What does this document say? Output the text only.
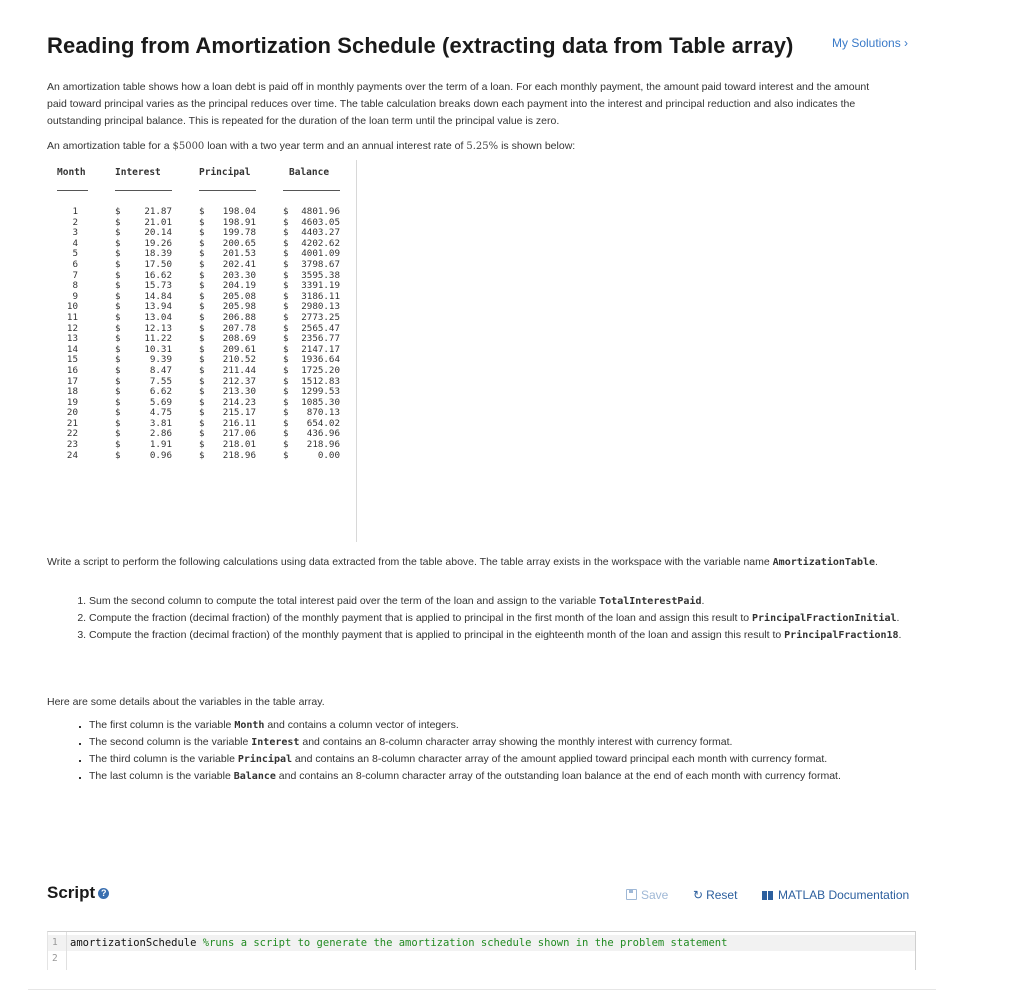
Reading from Amortization Schedule (extracting data from Table array)	My Solutions ›
An amortization table shows how a loan debt is paid off in monthly payments over the term of a loan. For each monthly payment, the amount paid toward interest and the amount paid toward principal varies as the principal reduces over time. The table calculation breaks down each payment into the interest and principal reduction and also indicates the outstanding principal balance. This is repeated for the duration of the loan term until the principal value is zero.
An amortization table for a $5000 loan with a two year term and an annual interest rate of 5.25% is shown below:
Month	Interest	Principal	Balance
1	$	21.87	$	198.04	$	4801.96
2	$	21.01	$	198.91	$	4603.05
3	$	20.14	$	199.78	$	4403.27
4	$	19.26	$	200.65	$	4202.62
5	$	18.39	$	201.53	$	4001.09
6	$	17.50	$	202.41	$	3798.67
7	$	16.62	$	203.30	$	3595.38
8	$	15.73	$	204.19	$	3391.19
9	$	14.84	$	205.08	$	3186.11
10	$	13.94	$	205.98	$	2980.13
11	$	13.04	$	206.88	$	2773.25
12	$	12.13	$	207.78	$	2565.47
13	$	11.22	$	208.69	$	2356.77
14	$	10.31	$	209.61	$	2147.17
15	$	9.39	$	210.52	$	1936.64
16	$	8.47	$	211.44	$	1725.20
17	$	7.55	$	212.37	$	1512.83
18	$	6.62	$	213.30	$	1299.53
19	$	5.69	$	214.23	$	1085.30
20	$	4.75	$	215.17	$	870.13
21	$	3.81	$	216.11	$	654.02
22	$	2.86	$	217.06	$	436.96
23	$	1.91	$	218.01	$	218.96
24	$	0.96	$	218.96	$	0.00
Write a script to perform the following calculations using data extracted from the table above. The table array exists in the workspace with the variable name AmortizationTable.
1. Sum the second column to compute the total interest paid over the term of the loan and assign to the variable TotalInterestPaid.
2. Compute the fraction (decimal fraction) of the monthly payment that is applied to principal in the first month of the loan and assign this result to PrincipalFractionInitial.
3. Compute the fraction (decimal fraction) of the monthly payment that is applied to principal in the eighteenth month of the loan and assign this result to PrincipalFraction18.
Here are some details about the variables in the table array.
▪ The first column is the variable Month and contains a column vector of integers.
▪ The second column is the variable Interest and contains an 8-column character array showing the monthly interest with currency format.
▪ The third column is the variable Principal and contains an 8-column character array of the amount applied toward principal each month with currency format.
▪ The last column is the variable Balance and contains an 8-column character array of the outstanding loan balance at the end of each month with currency format.
Script ?	Save ↻ Reset	MATLAB Documentation
1
2
amortizationSchedule %runs a script to generate the amortization schedule shown in the problem statement
